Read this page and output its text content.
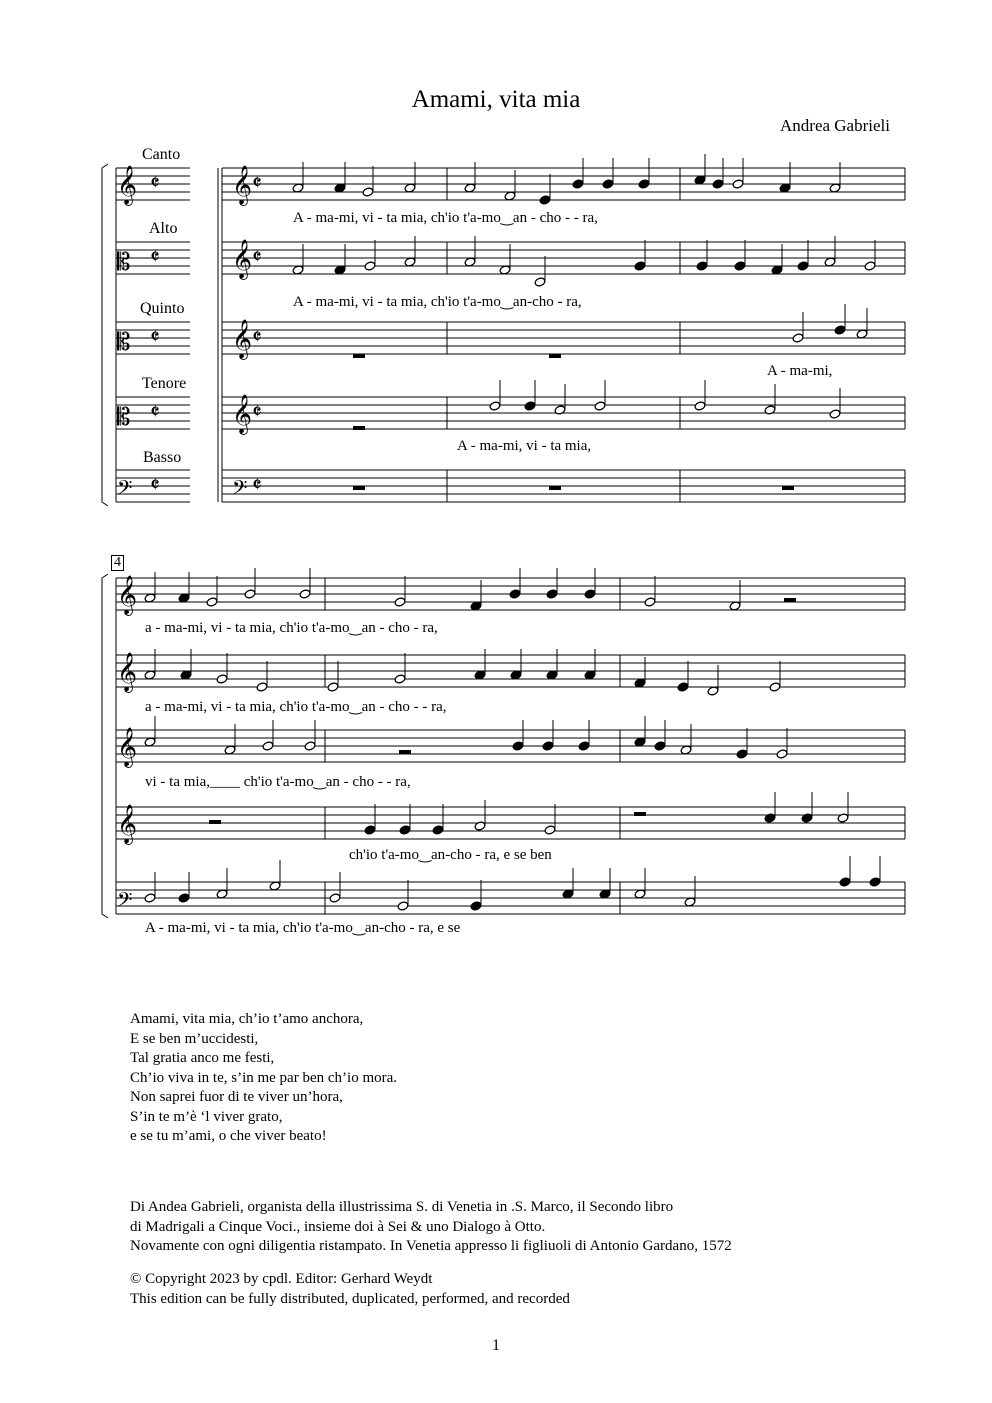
Amami, vita mia
Andrea Gabrieli
Canto
Alto
Quinto
Tenore
Basso
4
𝄞	𝄞
𝄵	𝄵
𝄡	𝄞
𝄵	𝄵
𝄡	𝄞
𝄵	𝄵
𝄡	𝄞
𝄵	𝄵
𝄢	𝄢
𝄵	𝄵
𝄞
𝄞
𝄞
𝄞
𝄢
A - ma-mi, vi - ta mia, ch'io t'a-mo‿an - cho - - ra,
A - ma-mi, vi - ta mia, ch'io t'a-mo‿an-cho - ra,
A - ma-mi,
A - ma-mi, vi - ta mia,
a - ma-mi, vi - ta mia, ch'io t'a-mo‿an - cho - ra,
a - ma-mi, vi - ta mia, ch'io t'a-mo‿an - cho - - ra,
vi - ta mia,____ ch'io t'a-mo‿an - cho - - ra,
ch'io t'a-mo‿an-cho - ra, e se ben
A - ma-mi, vi - ta mia, ch'io t'a-mo‿an-cho - ra, e se
Amami, vita mia, ch’io t’amo anchora,
E se ben m’uccidesti,
Tal gratia anco me festi,
Ch’io viva in te, s’in me par ben ch’io mora.
Non saprei fuor di te viver un’hora,
S’in te m’è ‘l viver grato,
e se tu m’ami, o che viver beato!
Di Andea Gabrieli, organista della illustrissima S. di Venetia in .S. Marco, il Secondo libro
di Madrigali a Cinque Voci., insieme doi à Sei & uno Dialogo à Otto.
Novamente con ogni diligentia ristampato. In Venetia appresso li figliuoli di Antonio Gardano, 1572
© Copyright 2023 by cpdl. Editor: Gerhard Weydt
This edition can be fully distributed, duplicated, performed, and recorded
1
